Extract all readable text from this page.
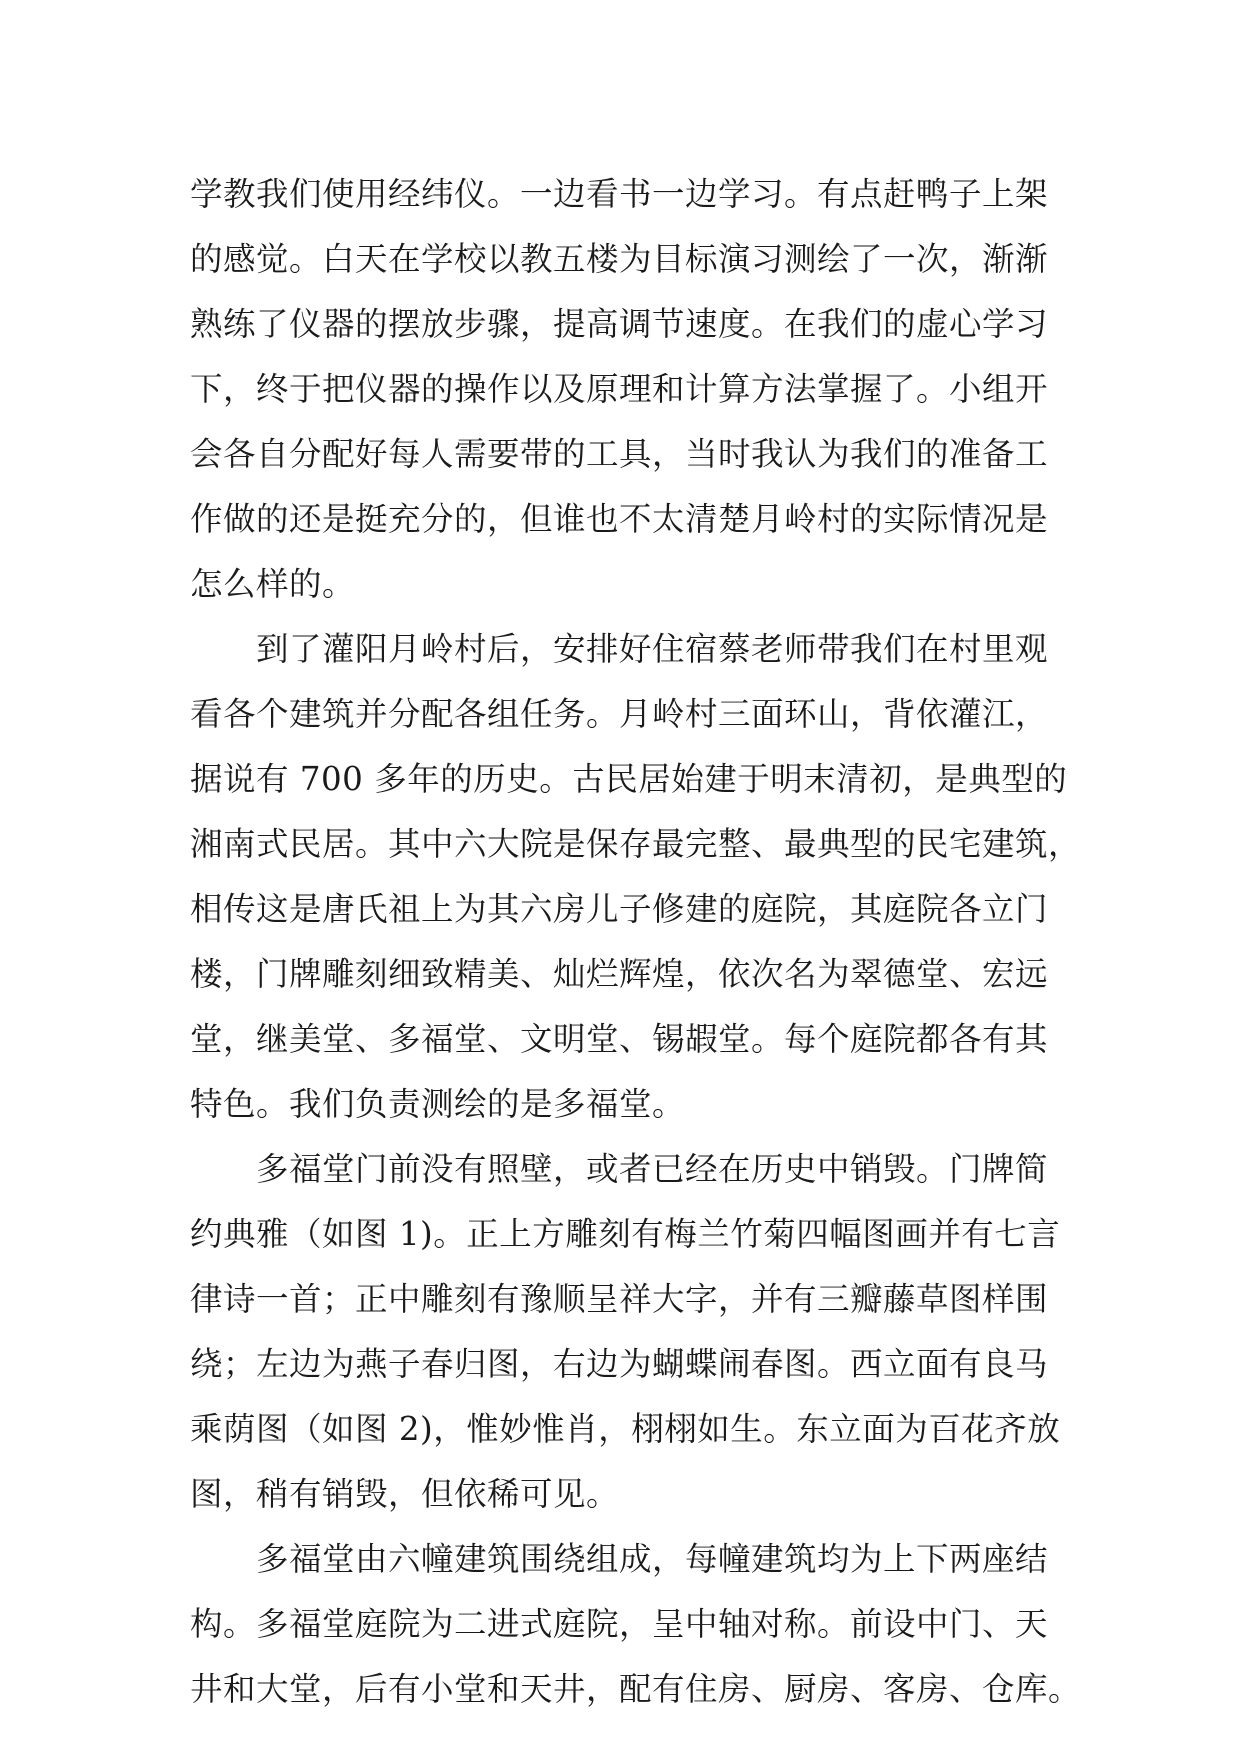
学教我们使用经纬仪。一边看书一边学习。有点赶鸭子上架
的感觉。白天在学校以教五楼为目标演习测绘了一次，渐渐
熟练了仪器的摆放步骤，提高调节速度。在我们的虚心学习
下，终于把仪器的操作以及原理和计算方法掌握了。小组开
会各自分配好每人需要带的工具，当时我认为我们的准备工
作做的还是挺充分的，但谁也不太清楚月岭村的实际情况是
怎么样的。
到了灌阳月岭村后，安排好住宿蔡老师带我们在村里观
看各个建筑并分配各组任务。月岭村三面环山，背依灌江，
据说有 700 多年的历史。古民居始建于明末清初，是典型的
湘南式民居。其中六大院是保存最完整、最典型的民宅建筑，
相传这是唐氏祖上为其六房儿子修建的庭院，其庭院各立门
楼，门牌雕刻细致精美、灿烂辉煌，依次名为翠德堂、宏远
堂，继美堂、多福堂、文明堂、锡嘏堂。每个庭院都各有其
特色。我们负责测绘的是多福堂。
多福堂门前没有照壁，或者已经在历史中销毁。门牌简
约典雅（如图 1)。正上方雕刻有梅兰竹菊四幅图画并有七言
律诗一首；正中雕刻有豫顺呈祥大字，并有三瓣藤草图样围
绕；左边为燕子春归图，右边为蝴蝶闹春图。西立面有良马
乘荫图（如图 2)，惟妙惟肖，栩栩如生。东立面为百花齐放
图，稍有销毁，但依稀可见。
多福堂由六幢建筑围绕组成，每幢建筑均为上下两座结
构。多福堂庭院为二进式庭院，呈中轴对称。前设中门、天
井和大堂，后有小堂和天井，配有住房、厨房、客房、仓库。
